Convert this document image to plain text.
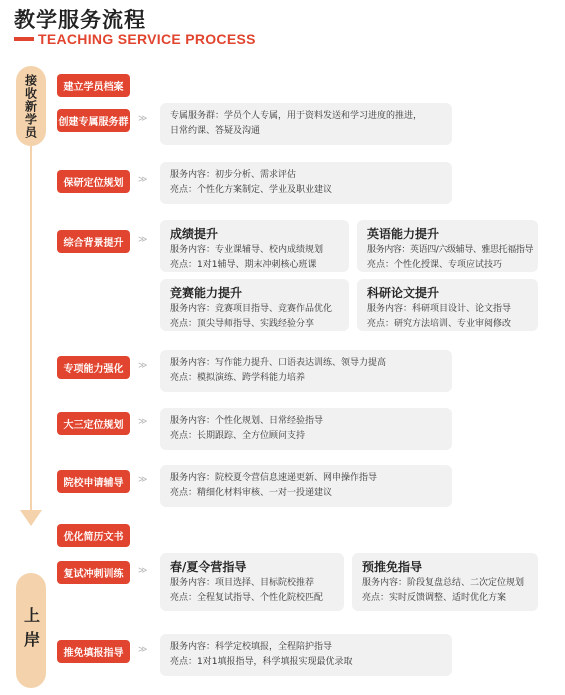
教学服务流程
TEACHING SERVICE PROCESS
接收新学员
上岸
建立学员档案
创建专属服务群
保研定位规划
综合背景提升
专项能力强化
大三定位规划
院校申请辅导
优化简历文书
复试冲刺训练
推免填报指导
≫
≫
≫
≫
≫
≫
≫
≫
专属服务群：学员个人专属，用于资料发送和学习进度的推进，
日常约课、答疑及沟通
服务内容：初步分析、需求评估
亮点：个性化方案制定、学业及职业建议
成绩提升
服务内容：专业课辅导、校内成绩规划
亮点：1对1辅导、期末冲刺核心班课
英语能力提升
服务内容：英语四/六级辅导、雅思托福指导
亮点：个性化授课、专项应试技巧
竞赛能力提升
服务内容：竞赛项目指导、竞赛作品优化
亮点：顶尖导师指导、实践经验分享
科研论文提升
服务内容：科研项目设计、论文指导
亮点：研究方法培训、专业审阅修改
服务内容：写作能力提升、口语表达训练、领导力提高
亮点：模拟演练、跨学科能力培养
服务内容：个性化规划、日常经验指导
亮点：长期跟踪、全方位顾问支持
服务内容：院校夏令营信息速递更新、网申操作指导
亮点：精细化材料审核、一对一投递建议
春/夏令营指导
服务内容：项目选择、目标院校推荐
亮点：全程复试指导、个性化院校匹配
预推免指导
服务内容：阶段复盘总结、二次定位规划
亮点：实时反馈调整、适时优化方案
服务内容：科学定校填报，全程陪护指导
亮点：1对1填报指导，科学填报实现最优录取
